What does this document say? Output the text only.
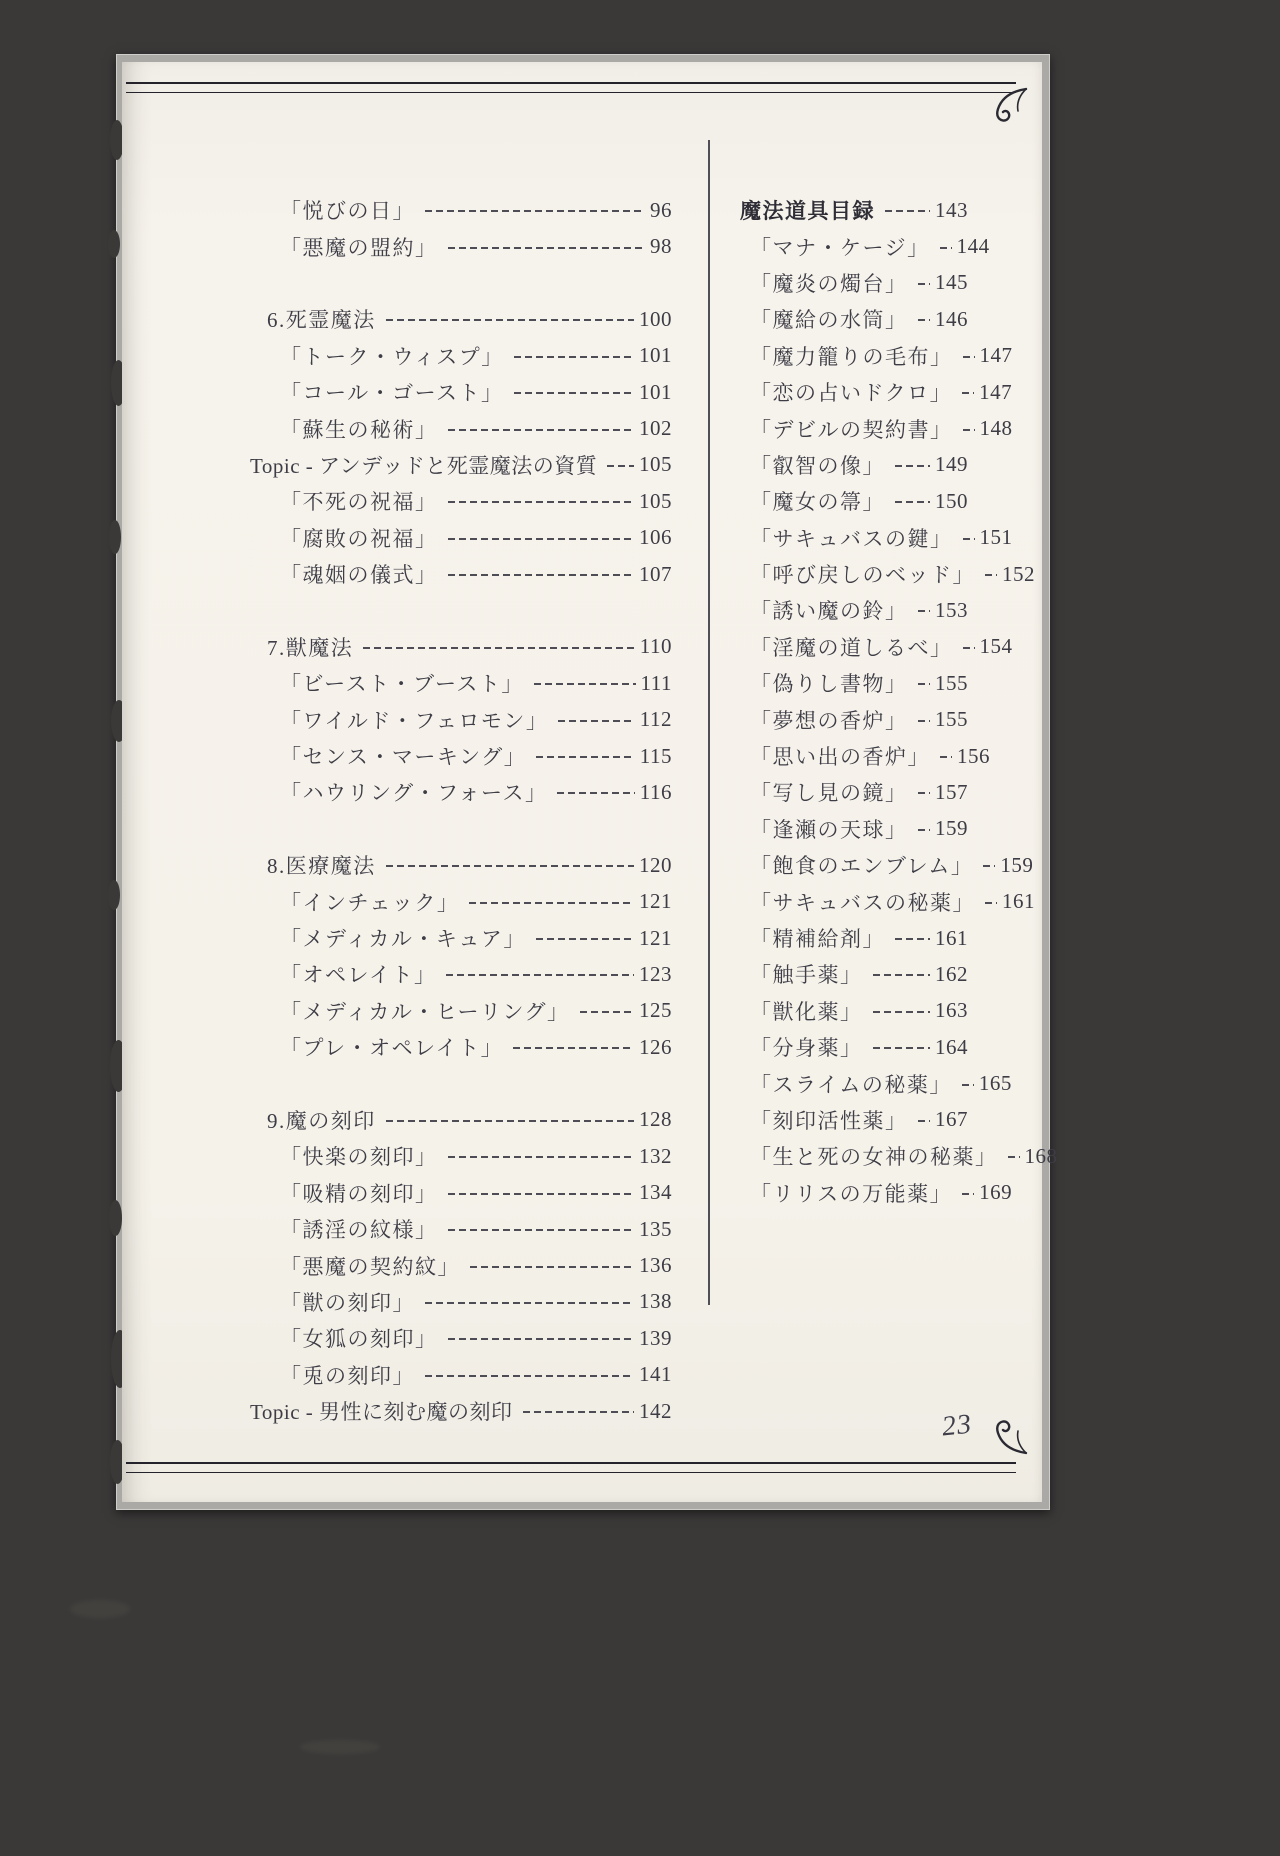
「悦びの日」	96
「悪魔の盟約」	98
6.死霊魔法	100
「トーク・ウィスプ」	101
「コール・ゴースト」	101
「蘇生の秘術」	102
Topic - アンデッドと死霊魔法の資質 105
「不死の祝福」	105
「腐敗の祝福」	106
「魂姻の儀式」	107
7.獣魔法	110
「ビースト・ブースト」	111
「ワイルド・フェロモン」	112
「センス・マーキング」	115
「ハウリング・フォース」	116
8.医療魔法	120
「インチェック」	121
「メディカル・キュア」	121
「オペレイト」	123
「メディカル・ヒーリング」	125
「プレ・オペレイト」	126
9.魔の刻印	128
「快楽の刻印」	132
「吸精の刻印」	134
「誘淫の紋様」	135
「悪魔の契約紋」	136
「獣の刻印」	138
「女狐の刻印」	139
「兎の刻印」	141
Topic - 男性に刻む魔の刻印	142
魔法道具目録	143
「マナ・ケージ」 144
「魔炎の燭台」 145
「魔給の水筒」 146
「魔力籠りの毛布」 147
「恋の占いドクロ」 147
「デビルの契約書」 148
「叡智の像」 149
「魔女の箒」 150
「サキュバスの鍵」 151
「呼び戻しのベッド」 152
「誘い魔の鈴」 153
「淫魔の道しるべ」 154
「偽りし書物」 155
「夢想の香炉」 155
「思い出の香炉」 156
「写し見の鏡」 157
「逢瀬の天球」 159
「飽食のエンブレム」 159
「サキュバスの秘薬」 161
「精補給剤」 161
「触手薬」	162
「獣化薬」	163
「分身薬」	164
「スライムの秘薬」 165
「刻印活性薬」 167
「生と死の女神の秘薬」 168
「リリスの万能薬」 169
23
